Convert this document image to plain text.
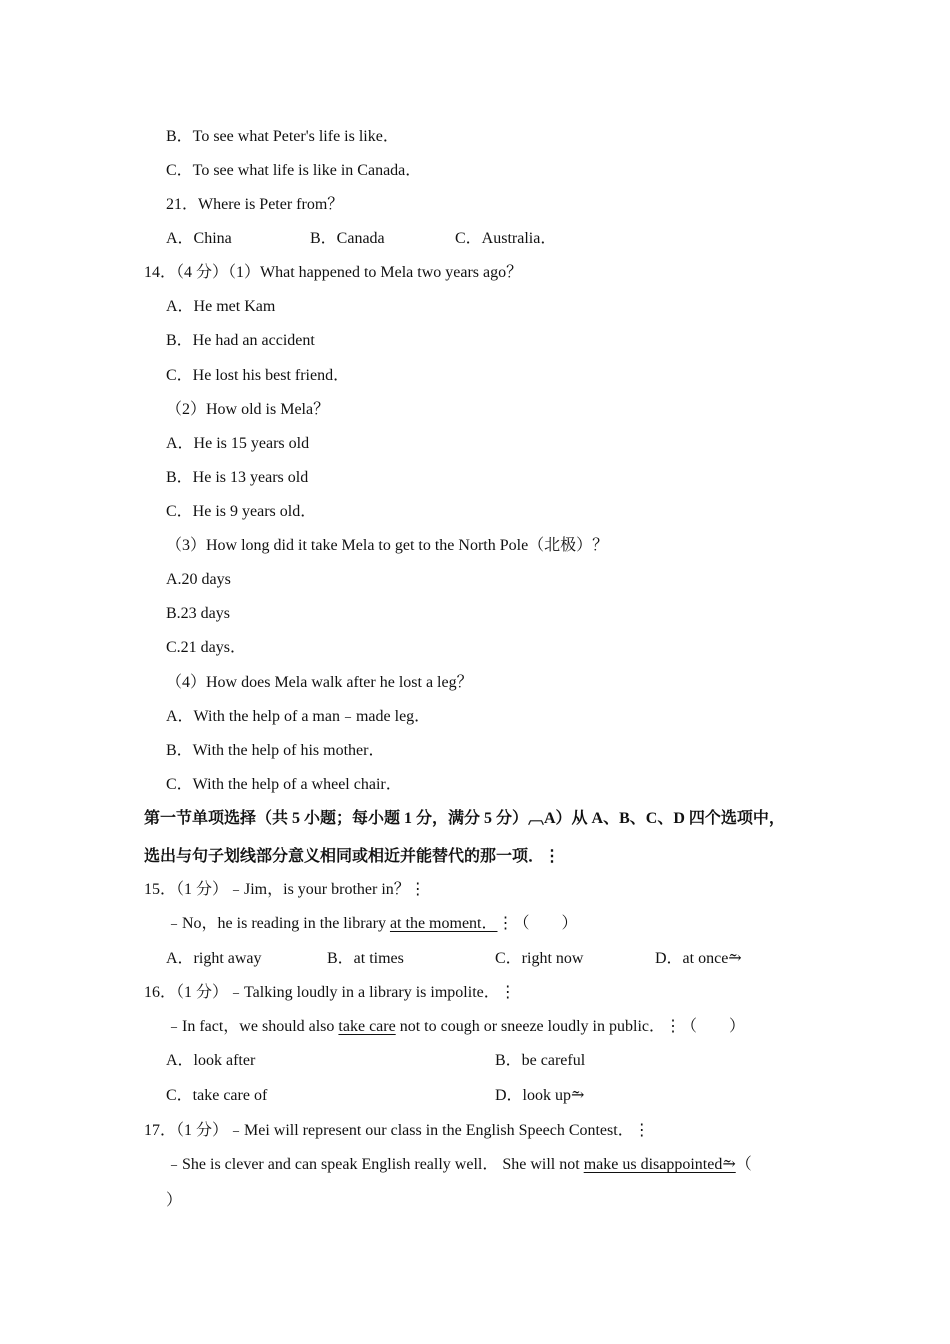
B．To see what Peter's life is like．
C．To see what life is like in Canada．
21．Where is Peter from？
A．China	B．Canada	C．Australia．
14．（4 分）（1）What happened to Mela two years ago？
A．He met Kam
B．He had an accident
C．He lost his best friend．
（2）How old is Mela？
A．He is 15 years old
B．He is 13 years old
C．He is 9 years old．
（3）How long did it take Mela to get to the North Pole（北极）？
A.20 days
B.23 days
C.21 days．
（4）How does Mela walk after he lost a leg？
A．With the help of a man﹣made leg．
B．With the help of his mother．
C．With the help of a wheel chair．
第一节单项选择（共 5 小题；每小题 1 分，满分 5 分）︹A）从 A、B、C、D 四个选项中，
选出与句子划线部分意义相同或相近并能替代的那一项．⋮
15．（1 分）﹣Jim，is your brother in？⋮
﹣No，he is reading in the library at the moment．⋮（　　）
A．right away	B．at times	C．right now	D．at once⥲
16．（1 分）﹣Talking loudly in a library is impolite．⋮
﹣In fact，we should also take care not to cough or sneeze loudly in public．⋮（　　）
A．look after	B．be careful
C．take care of	D．look up⥲
17．（1 分）﹣Mei will represent our class in the English Speech Contest．⋮
﹣She is clever and can speak English really well． She will not make us disappointed⥲（
）
